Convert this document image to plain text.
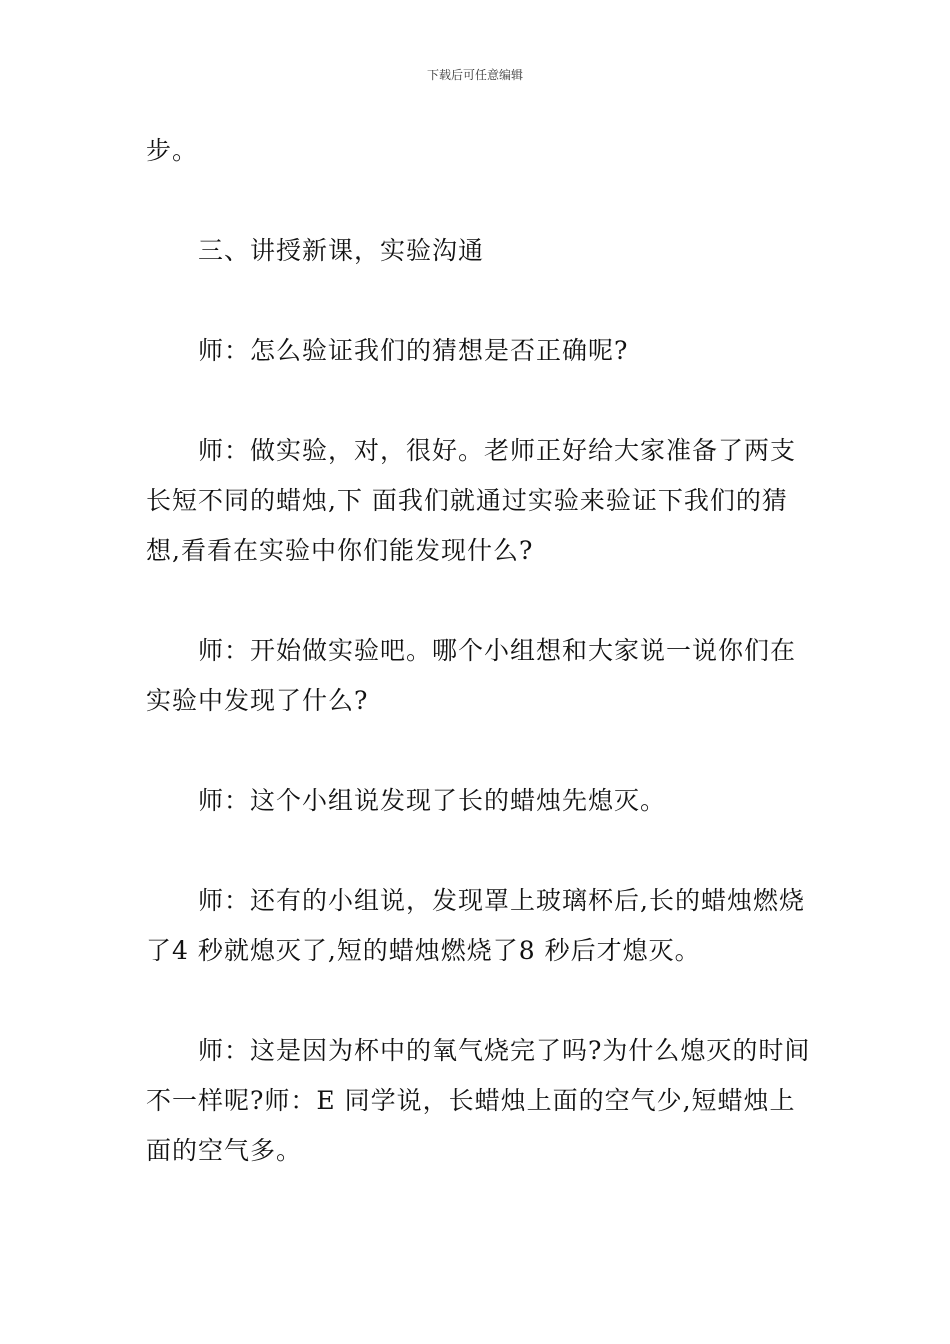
下载后可任意编辑

步。

三、讲授新课，实验沟通

师：怎么验证我们的猜想是否正确呢?

师：做实验，对，很好。老师正好给大家准备了两支长短不同的蜡烛,下 面我们就通过实验来验证下我们的猜想,看看在实验中你们能发现什么?

师：开始做实验吧。哪个小组想和大家说一说你们在实验中发现了什么?

师：这个小组说发现了长的蜡烛先熄灭。

师：还有的小组说，发现罩上玻璃杯后,长的蜡烛燃烧了4 秒就熄灭了,短的蜡烛燃烧了8 秒后才熄灭。

师：这是因为杯中的氧气烧完了吗?为什么熄灭的时间不一样呢?师：E 同学说，长蜡烛上面的空气少,短蜡烛上面的空气多。
